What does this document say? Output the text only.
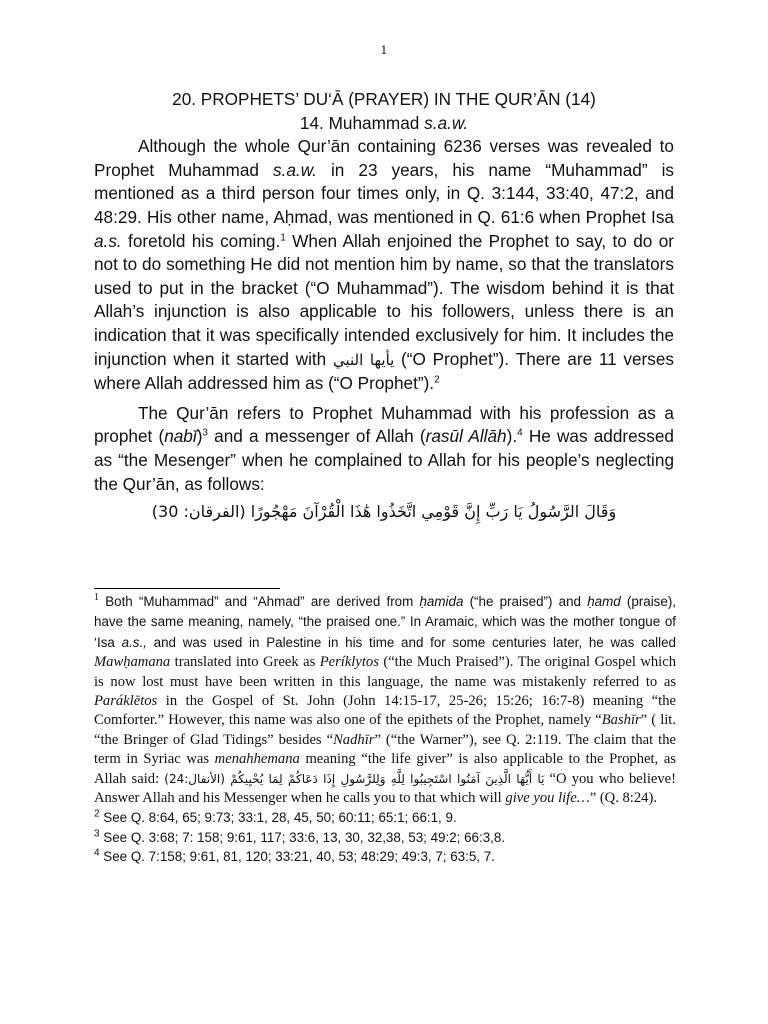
1

20. PROPHETS’ DU‘Ā (PRAYER) IN THE QUR’ĀN (14)

14. Muhammad s.a.w.

Although the whole Qur’ān containing 6236 verses was revealed to Prophet Muhammad s.a.w. in 23 years, his name “Muhammad” is mentioned as a third person four times only, in Q. 3:144, 33:40, 47:2, and 48:29. His other name, Aḥmad, was mentioned in Q. 61:6 when Prophet Isa a.s. foretold his coming.$^1$ When Allah enjoined the Prophet to say, to do or not to do something He did not mention him by name, so that the translators used to put in the bracket (“O Muhammad”). The wisdom behind it is that Allah’s injunction is also applicable to his followers, unless there is an indication that it was specifically intended exclusively for him. It includes the injunction when it started with يأيها النبي (“O Prophet”). There are 11 verses where Allah addressed him as (“O Prophet”).$^2$

The Qur’ān refers to Prophet Muhammad with his profession as a prophet (nabī)$^3$ and a messenger of Allah (rasūl Allāh).$^4$ He was addressed as “the Mesenger” when he complained to Allah for his people’s neglecting the Qur’ān, as follows:

وَقَالَ الرَّسُولُ يَا رَبِّ إِنَّ قَوْمِي اتَّخَذُوا هَٰذَا الْقُرْآنَ مَهْجُورًا (الفرقان: 30)

$^1$ Both “Muhammad” and “Ahmad” are derived from ḥamida (“he praised”) and ḥamd (praise), have the same meaning, namely, “the praised one.” In Aramaic, which was the mother tongue of ‘Isa a.s., and was used in Palestine in his time and for some centuries later, he was called Mawḥamana translated into Greek as Períklytos (“the Much Praised”). The original Gospel which is now lost must have been written in this language, the name was mistakenly referred to as Paráklētos in the Gospel of St. John (John 14:15-17, 25-26; 15:26; 16:7-8) meaning “the Comforter.” However, this name was also one of the epithets of the Prophet, namely “Bashīr” ( lit. “the Bringer of Glad Tidings” besides “Nadhīr” (“the Warner”), see Q. 2:119. The claim that the term in Syriac was menahhemana meaning “the life giver” is also applicable to the Prophet, as Allah said: يَا أَيُّهَا الَّذِينَ آمَنُوا اسْتَجِيبُوا لِلَّهِ وَلِلرَّسُولِ إِذَا دَعَاكُمْ لِمَا يُحْيِيكُمْ (الأنفال:24) “O you who believe! Answer Allah and his Messenger when he calls you to that which will give you life…” (Q. 8:24).

$^2$ See Q. 8:64, 65; 9:73; 33:1, 28, 45, 50; 60:11; 65:1; 66:1, 9.

$^3$ See Q. 3:68; 7: 158; 9:61, 117; 33:6, 13, 30, 32,38, 53; 49:2; 66:3,8.

$^4$ See Q. 7:158; 9:61, 81, 120; 33:21, 40, 53; 48:29; 49:3, 7; 63:5, 7.
